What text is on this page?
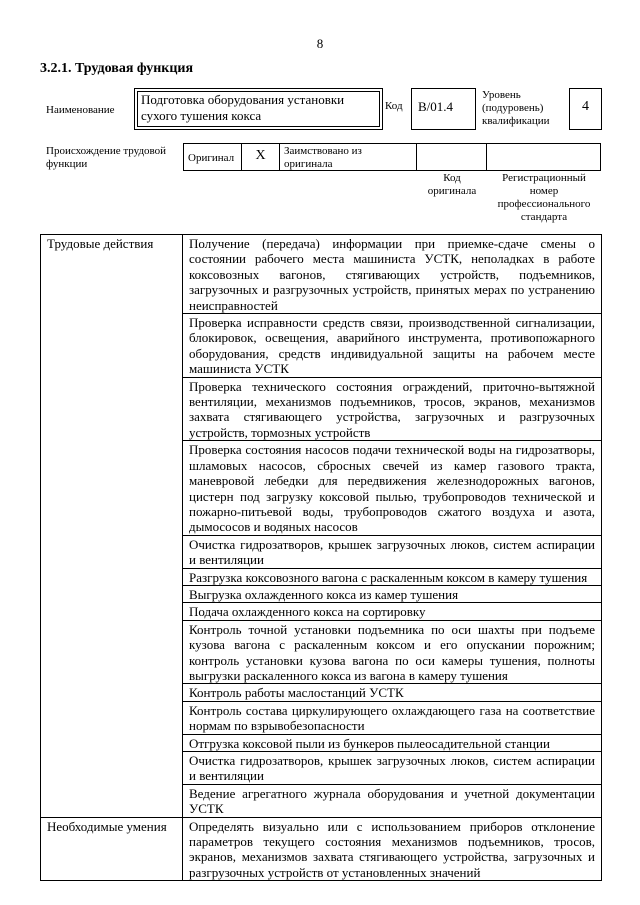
8
3.2.1. Трудовая функция
Наименование
Подготовка оборудования установки сухого тушения кокса
Код	В/01.4
Уровень (подуровень) квалификации
4
Происхождение трудовой функции	Оригинал	X	Заимствовано из оригинала
Код оригинала
Регистрационный номер профессионального стандарта
Трудовые действия	Получение (передача) информации при приемке-сдаче смены о состоянии рабочего места машиниста УСТК, неполадках в работе коксовозных вагонов, стягивающих устройств, подъемников, загрузочных и разгрузочных устройств, принятых мерах по устранению неисправностей
	Проверка исправности средств связи, производственной сигнализации, блокировок, освещения, аварийного инструмента, противопожарного оборудования, средств индивидуальной защиты на рабочем месте машиниста УСТК
	Проверка технического состояния ограждений, приточно-вытяжной вентиляции, механизмов подъемников, тросов, экранов, механизмов захвата стягивающего устройства, загрузочных и разгрузочных устройств, тормозных устройств
	Проверка состояния насосов подачи технической воды на гидрозатворы, шламовых насосов, сбросных свечей из камер газового тракта, маневровой лебедки для передвижения железнодорожных вагонов, цистерн под загрузку коксовой пылью, трубопроводов технической и пожарно-питьевой воды, трубопроводов сжатого воздуха и азота, дымососов и водяных насосов
	Очистка гидрозатворов, крышек загрузочных люков, систем аспирации и вентиляции
	Разгрузка коксовозного вагона с раскаленным коксом в камеру тушения
	Выгрузка охлажденного кокса из камер тушения
	Подача охлажденного кокса на сортировку
	Контроль точной установки подъемника по оси шахты при подъеме кузова вагона с раскаленным коксом и его опускании порожним; контроль установки кузова вагона по оси камеры тушения, полноты выгрузки раскаленного кокса из вагона в камеру тушения
	Контроль работы маслостанций УСТК
	Контроль состава циркулирующего охлаждающего газа на соответствие нормам по взрывобезопасности
	Отгрузка коксовой пыли из бункеров пылеосадительной станции
	Очистка гидрозатворов, крышек загрузочных люков, систем аспирации и вентиляции
	Ведение агрегатного журнала оборудования и учетной документации УСТК
Необходимые умения	Определять визуально или с использованием приборов отклонение параметров текущего состояния механизмов подъемников, тросов, экранов, механизмов захвата стягивающего устройства, загрузочных и разгрузочных устройств от установленных значений
